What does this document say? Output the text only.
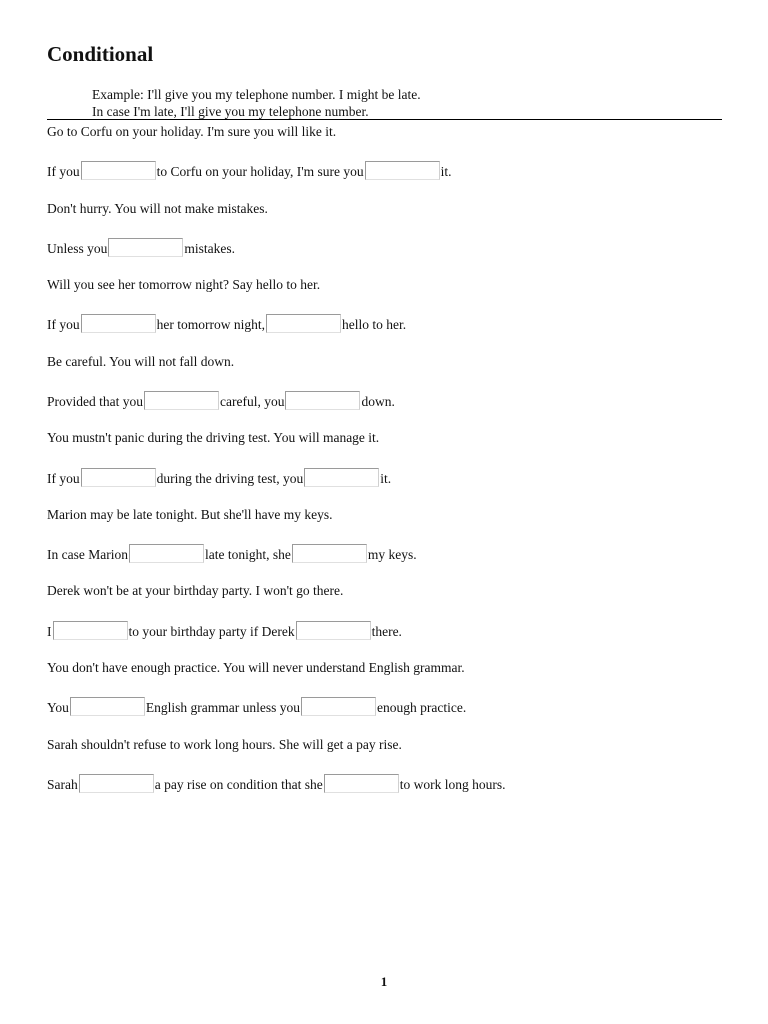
Conditional
Example: I'll give you my telephone number. I might be late.
In case I'm late, I'll give you my telephone number.
Go to Corfu on your holiday. I'm sure you will like it.
If you	to Corfu on your holiday, I'm sure you	it.
Don't hurry. You will not make mistakes.
Unless you	mistakes.
Will you see her tomorrow night? Say hello to her.
If you	her tomorrow night,	hello to her.
Be careful. You will not fall down.
Provided that you	careful, you	down.
You mustn't panic during the driving test. You will manage it.
If you	during the driving test, you	it.
Marion may be late tonight. But she'll have my keys.
In case Marion	late tonight, she	my keys.
Derek won't be at your birthday party. I won't go there.
I	to your birthday party if Derek	there.
You don't have enough practice. You will never understand English grammar.
You	English grammar unless you	enough practice.
Sarah shouldn't refuse to work long hours. She will get a pay rise.
Sarah	a pay rise on condition that she	to work long hours.
1
